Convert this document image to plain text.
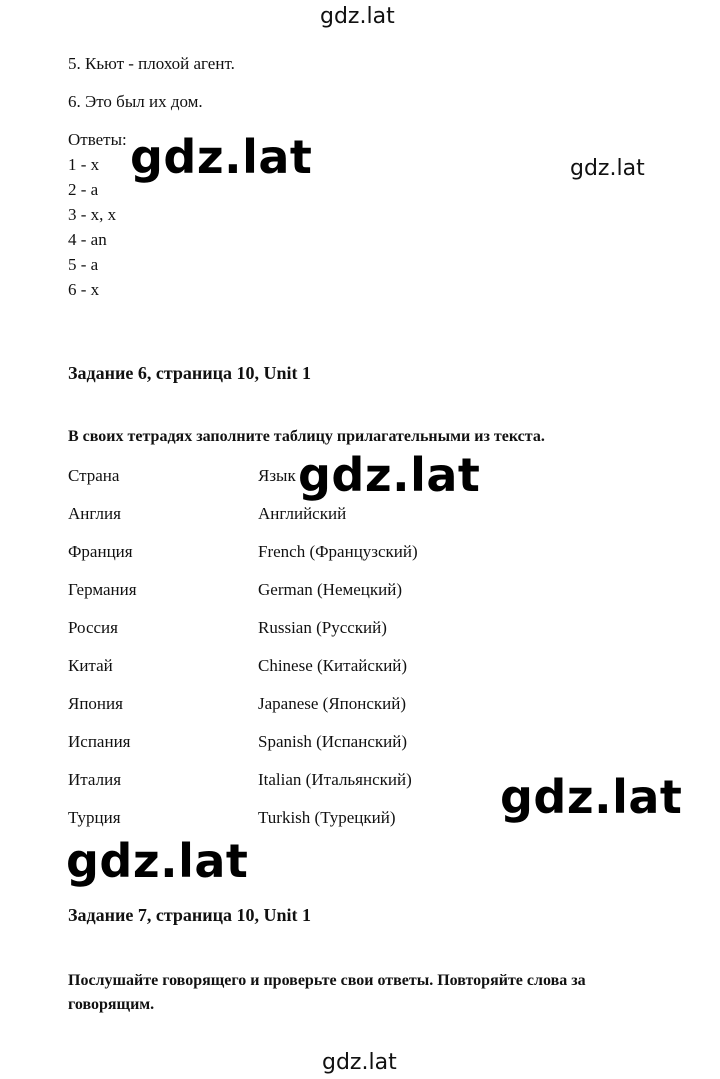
gdz.lat
5. Кьют - плохой агент.
6. Это был их дом.
Ответы:
1 - x
2 - a
3 - x, x
4 - an
5 - a
6 - x
gdz.lat	gdz.lat
Задание 6, страница 10, Unit 1
В своих тетрадях заполните таблицу прилагательными из текста.
Страна	Язык
Англия	Английский
Франция	French (Французский)
Германия	German (Немецкий)
Россия	Russian (Русский)
Китай	Chinese (Китайский)
Япония	Japanese (Японский)
Испания	Spanish (Испанский)
Италия	Italian (Итальянский)
Турция	Turkish (Турецкий)
gdz.lat
gdz.lat
gdz.lat
Задание 7, страница 10, Unit 1
Послушайте говорящего и проверьте свои ответы. Повторяйте слова за
говорящим.
gdz.lat
